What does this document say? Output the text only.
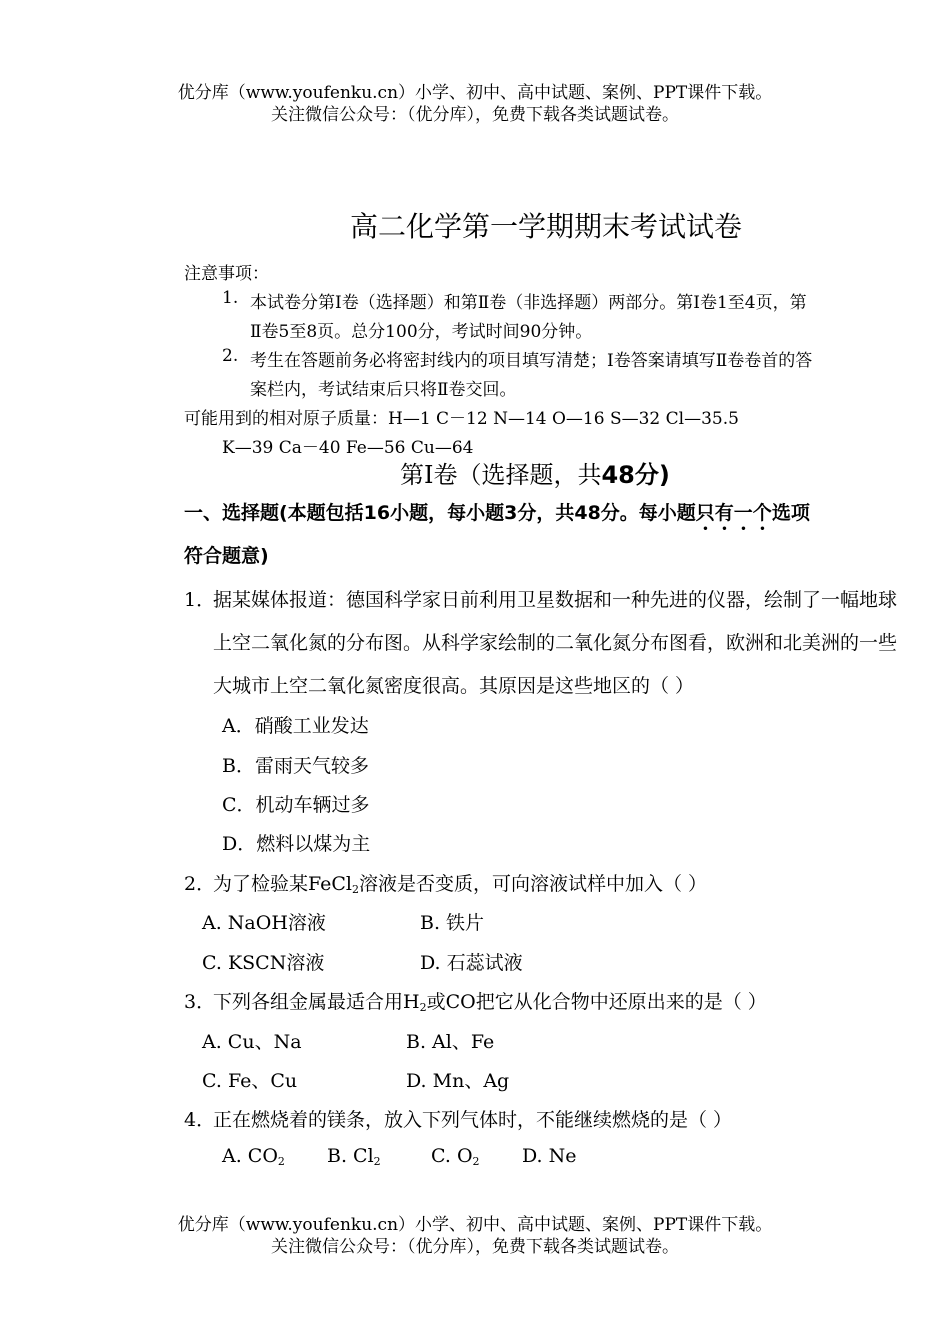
优分库（www.youfenku.cn）小学、初中、高中试题、案例、PPT课件下载。
关注微信公众号：（优分库），免费下载各类试题试卷。
高二化学第一学期期末考试试卷
注意事项：
1. 本试卷分第Ⅰ卷（选择题）和第Ⅱ卷（非选择题）两部分。第Ⅰ卷1至4页，第
Ⅱ卷5至8页。总分100分，考试时间90分钟。
2. 考生在答题前务必将密封线内的项目填写清楚；Ⅰ卷答案请填写Ⅱ卷卷首的答
案栏内，考试结束后只将Ⅱ卷交回。
可能用到的相对原子质量：H—1 C－12 N—14 O—16 S—32 Cl—35.5
K—39 Ca－40 Fe—56 Cu—64
第Ⅰ卷（选择题，共48分)
一、选择题(本题包括16小题，每小题3分，共48分。每小题只有一个选项
符合题意)
1．
据某媒体报道：德国科学家日前利用卫星数据和一种先进的仪器，绘制了一幅地球
上空二氧化氮的分布图。从科学家绘制的二氧化氮分布图看，欧洲和北美洲的一些
大城市上空二氧化氮密度很高。其原因是这些地区的（ ）
A．硝酸工业发达
B．雷雨天气较多
C．机动车辆过多
D．燃料以煤为主
2．
为了检验某FeCl$_2$溶液是否变质，可向溶液试样中加入（ ）
A. NaOH溶液	B. 铁片
C. KSCN溶液	D. 石蕊试液
3．
下列各组金属最适合用$H_2$或CO把它从化合物中还原出来的是（ ）
A. Cu、Na	B. Al、Fe
C. Fe、Cu	D. Mn、Ag
4．
正在燃烧着的镁条，放入下列气体时，不能继续燃烧的是（ ）
A. $CO_2$ B. $Cl_2$	C. $O_2$ D. Ne
优分库（www.youfenku.cn）小学、初中、高中试题、案例、PPT课件下载。
关注微信公众号：（优分库），免费下载各类试题试卷。
